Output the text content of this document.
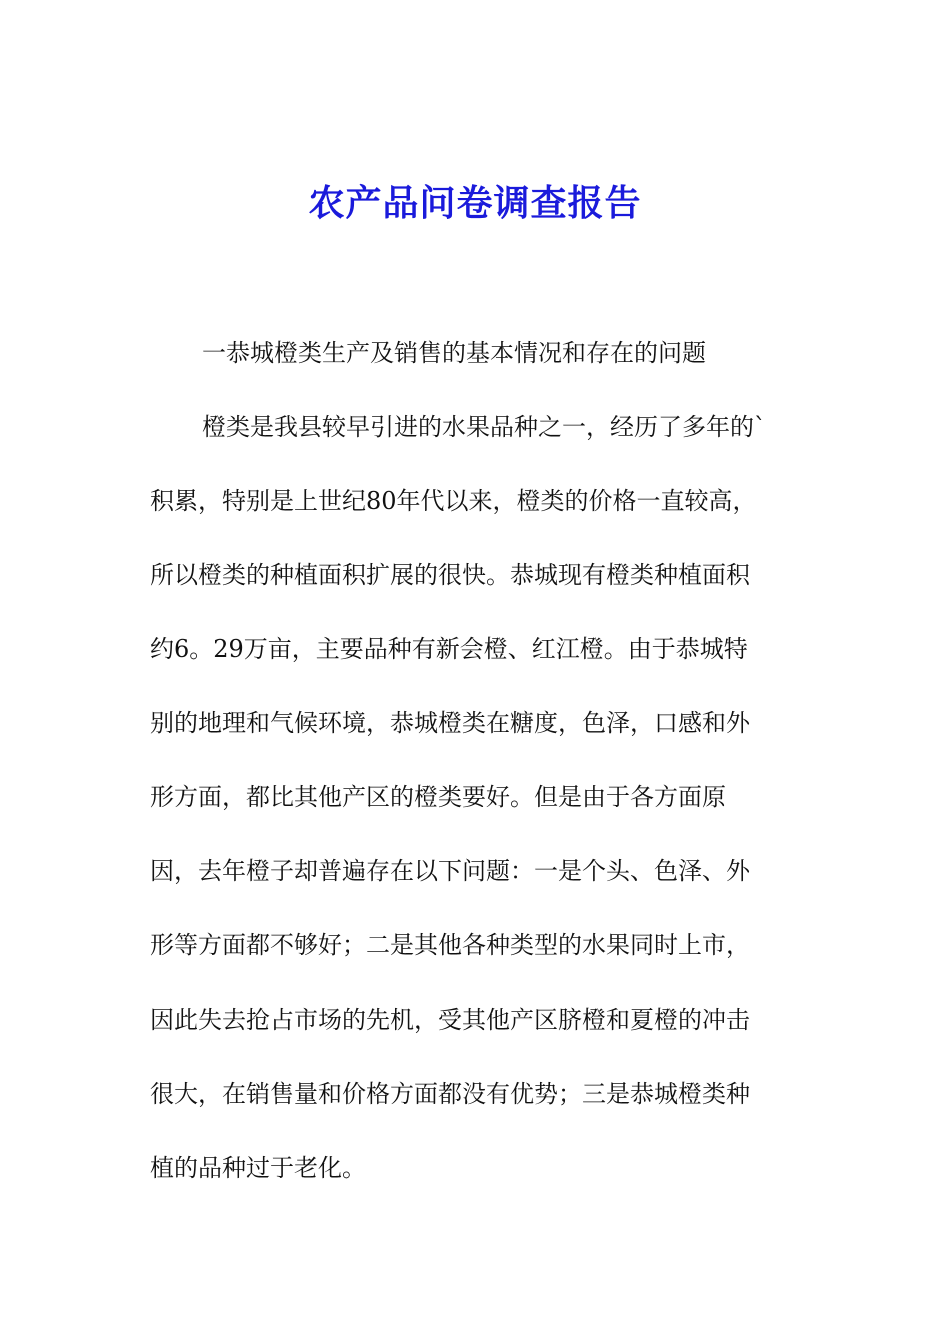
农产品问卷调查报告

一恭城橙类生产及销售的基本情况和存在的问题

橙类是我县较早引进的水果品种之一，经历了多年的`

积累，特别是上世纪80年代以来，橙类的价格一直较高，

所以橙类的种植面积扩展的很快。恭城现有橙类种植面积

约6。29万亩，主要品种有新会橙、红江橙。由于恭城特

别的地理和气候环境，恭城橙类在糖度，色泽，口感和外

形方面，都比其他产区的橙类要好。但是由于各方面原

因，去年橙子却普遍存在以下问题：一是个头、色泽、外

形等方面都不够好；二是其他各种类型的水果同时上市，

因此失去抢占市场的先机，受其他产区脐橙和夏橙的冲击

很大，在销售量和价格方面都没有优势；三是恭城橙类种

植的品种过于老化。
